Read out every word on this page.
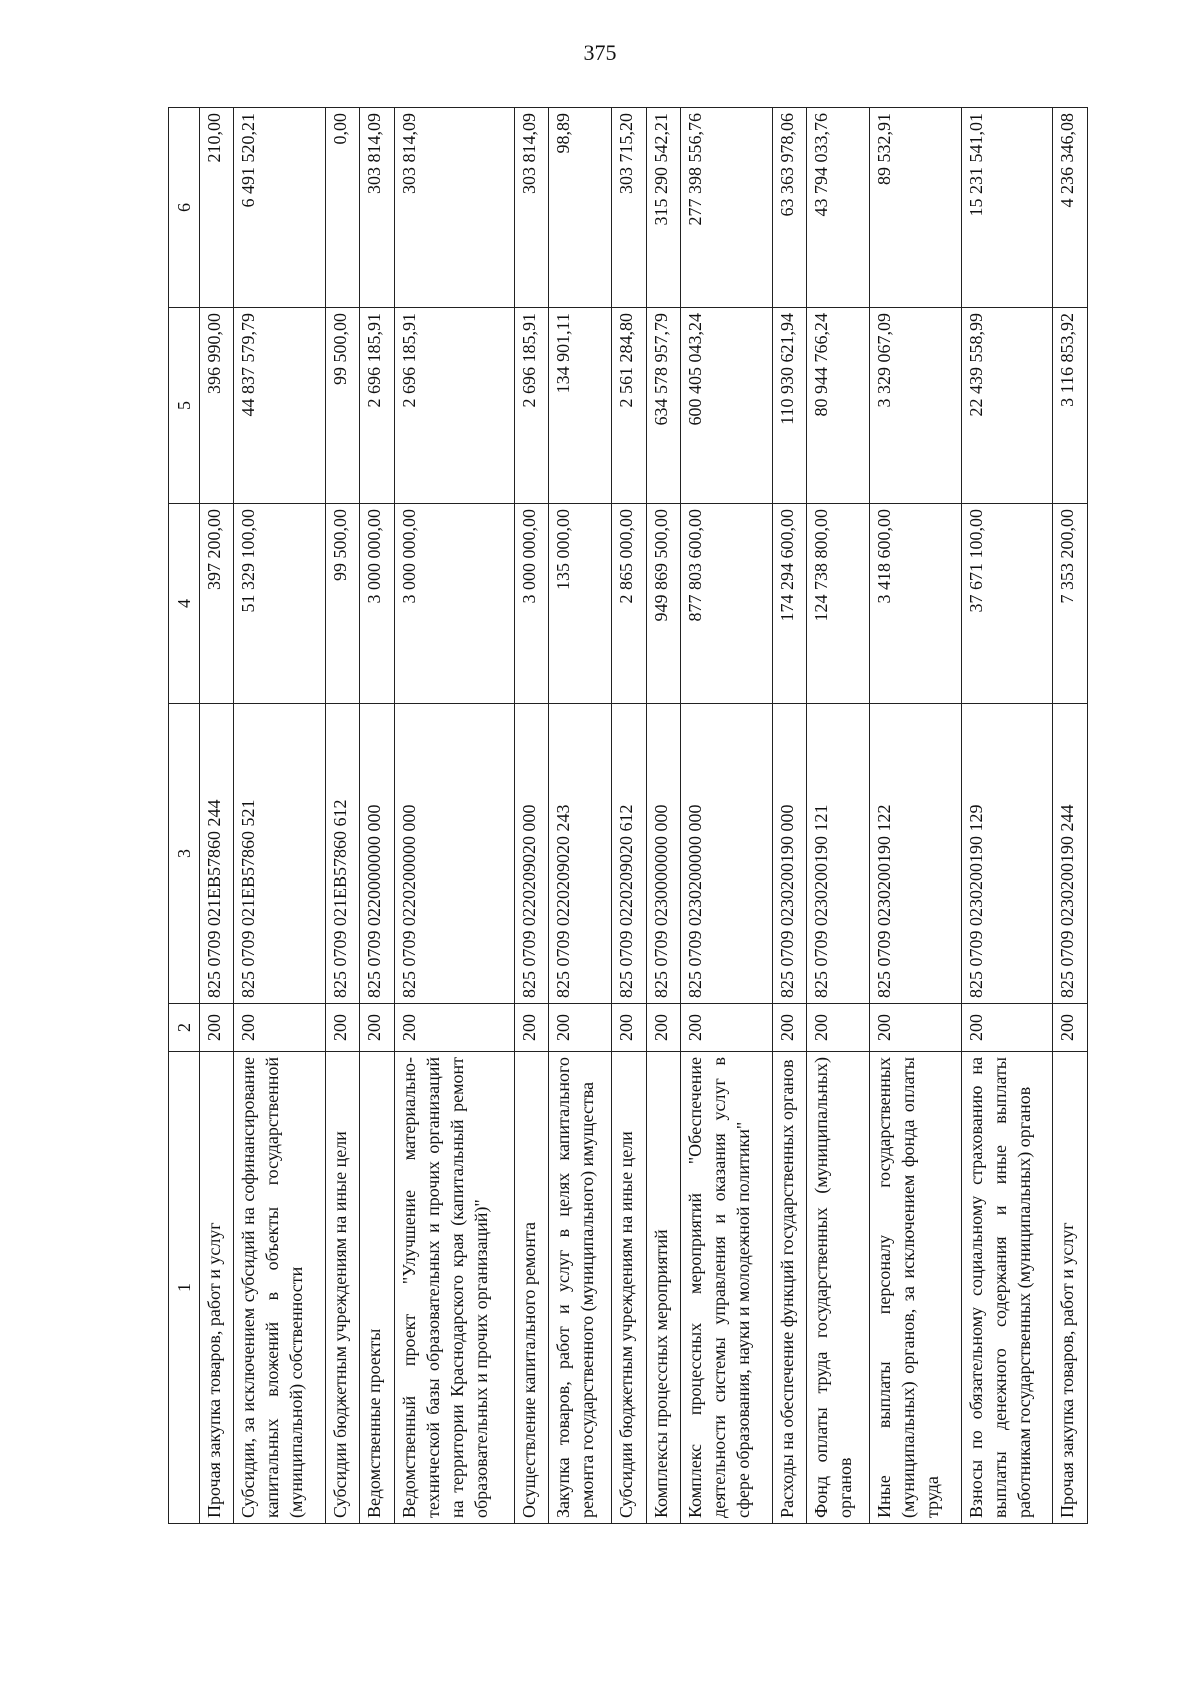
375
1	2	3	4	5	6
Прочая закупка товаров, работ и услуг	200	825 0709 021EB57860 244	397 200,00	396 990,00	210,00
Субсидии, за исключением субсидий на софинансирование капитальных вложений в объекты государственной (муниципальной) собственности	200	825 0709 021EB57860 521	51 329 100,00	44 837 579,79	6 491 520,21
Субсидии бюджетным учреждениям на иные цели	200	825 0709 021EB57860 612	99 500,00	99 500,00	0,00
Ведомственные проекты	200	825 0709 0220000000 000	3 000 000,00	2 696 185,91	303 814,09
Ведомственный проект "Улучшение материально-технической базы образовательных и прочих организаций на территории Краснодарского края (капитальный ремонт образовательных и прочих организаций)"	200	825 0709 0220200000 000	3 000 000,00	2 696 185,91	303 814,09
Осуществление капитального ремонта	200	825 0709 0220209020 000	3 000 000,00	2 696 185,91	303 814,09
Закупка товаров, работ и услуг в целях капитального ремонта государственного (муниципального) имущества	200	825 0709 0220209020 243	135 000,00	134 901,11	98,89
Субсидии бюджетным учреждениям на иные цели	200	825 0709 0220209020 612	2 865 000,00	2 561 284,80	303 715,20
Комплексы процессных мероприятий	200	825 0709 0230000000 000	949 869 500,00	634 578 957,79	315 290 542,21
Комплекс процессных мероприятий "Обеспечение деятельности системы управления и оказания услуг в сфере образования, науки и молодежной политики"	200	825 0709 0230200000 000	877 803 600,00	600 405 043,24	277 398 556,76
Расходы на обеспечение функций государственных органов	200	825 0709 0230200190 000	174 294 600,00	110 930 621,94	63 363 978,06
Фонд оплаты труда государственных (муниципальных) органов	200	825 0709 0230200190 121	124 738 800,00	80 944 766,24	43 794 033,76
Иные выплаты персоналу государственных (муниципальных) органов, за исключением фонда оплаты труда	200	825 0709 0230200190 122	3 418 600,00	3 329 067,09	89 532,91
Взносы по обязательному социальному страхованию на выплаты денежного содержания и иные выплаты работникам государственных (муниципальных) органов	200	825 0709 0230200190 129	37 671 100,00	22 439 558,99	15 231 541,01
Прочая закупка товаров, работ и услуг	200	825 0709 0230200190 244	7 353 200,00	3 116 853,92	4 236 346,08
